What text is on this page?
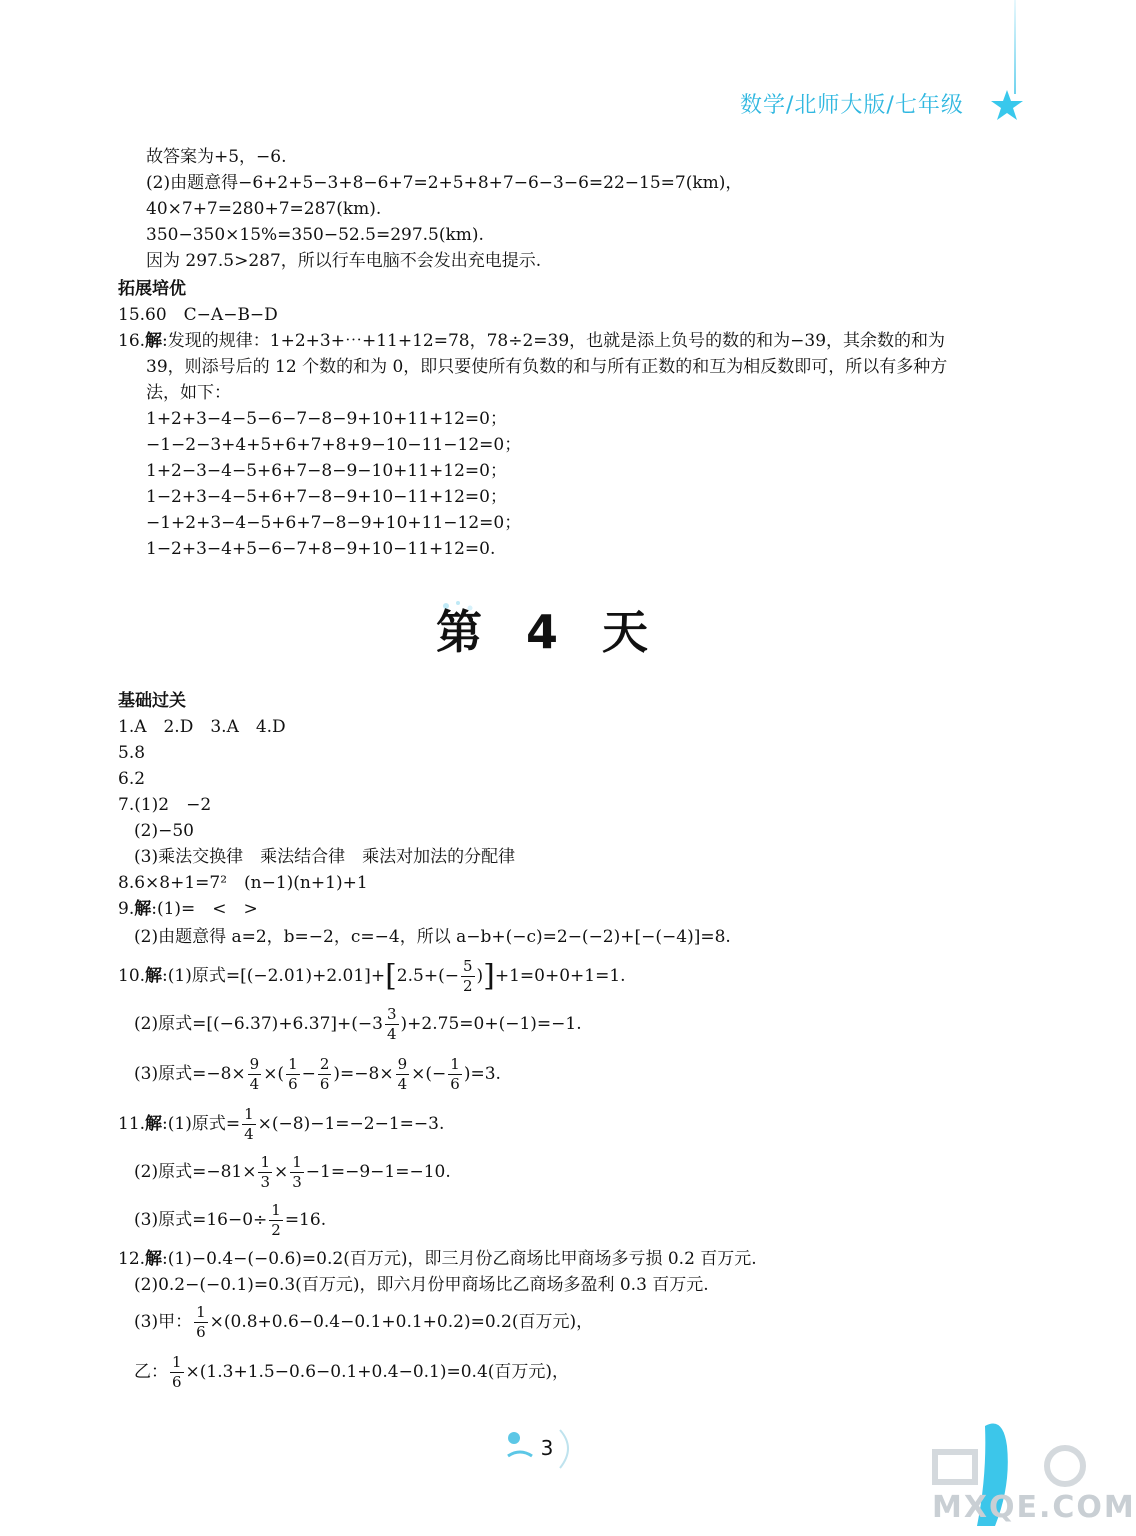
数学/北师大版/七年级
故答案为+5，−6.
(2)由题意得−6+2+5−3+8−6+7=2+5+8+7−6−3−6=22−15=7(km)，
40×7+7=280+7=287(km).
350−350×15%=350−52.5=297.5(km).
因为 297.5>287，所以行车电脑不会发出充电提示.
拓展培优
15.60　C−A−B−D
16.解:发现的规律：1+2+3+⋯+11+12=78，78÷2=39，也就是添上负号的数的和为−39，其余数的和为
39，则添号后的 12 个数的和为 0，即只要使所有负数的和与所有正数的和互为相反数即可，所以有多种方
法，如下：
1+2+3−4−5−6−7−8−9+10+11+12=0；
−1−2−3+4+5+6+7+8+9−10−11−12=0；
1+2−3−4−5+6+7−8−9−10+11+12=0；
1−2+3−4−5+6+7−8−9+10−11+12=0；
−1+2+3−4−5+6+7−8−9+10+11−12=0；
1−2+3−4+5−6−7+8−9+10−11+12=0.
第 4 天
基础过关
1.A　2.D　3.A　4.D
5.8
6.2
7.(1)2　−2
(2)−50
(3)乘法交换律　乘法结合律　乘法对加法的分配律
8.6×8+1=7²　(n−1)(n+1)+1
9.解:(1)=　<　>
(2)由题意得 a=2，b=−2，c=−4，所以 a−b+(−c)=2−(−2)+[−(−4)]=8.
10.解:(1)原式$=[(-2.01)+2.01]+[2.5+(- \frac{5}{2} )]+1=0+0+1=1$.
(2)原式$=[(-6.37)+6.37]+(-3 \frac{3}{4} )+2.75=0+(-1)=-1$.
(3)原式$=-8\times \frac{9}{4}$ ×( $\frac{1}{6} - \frac{2}{6} )=-8\times \frac{9}{4}$ ×(− $\frac{1}{6} )=3$.
11.解:(1)原式= $\frac{1}{4} \times(-8)-1=-2-1=-3$.
(2)原式$=-81\times \frac{1}{3} \times \frac{1}{3} -1=-9-1=-10$.
(3)原式$=16-0\div \frac{1}{2} =16$.
12.解:(1)−0.4−(−0.6)=0.2(百万元)，即三月份乙商场比甲商场多亏损 0.2 百万元.
(2)0.2−(−0.1)=0.3(百万元)，即六月份甲商场比乙商场多盈利 0.3 百万元.
(3)甲： $\frac{1}{6} \times(0.8+0.6-0.4-0.1+0.1+0.2)=0.2$(百万元)，
乙： $\frac{1}{6} \times(1.3+1.5-0.6-0.1+0.4-0.1)=0.4$(百万元)，
3
MXQE.COM
